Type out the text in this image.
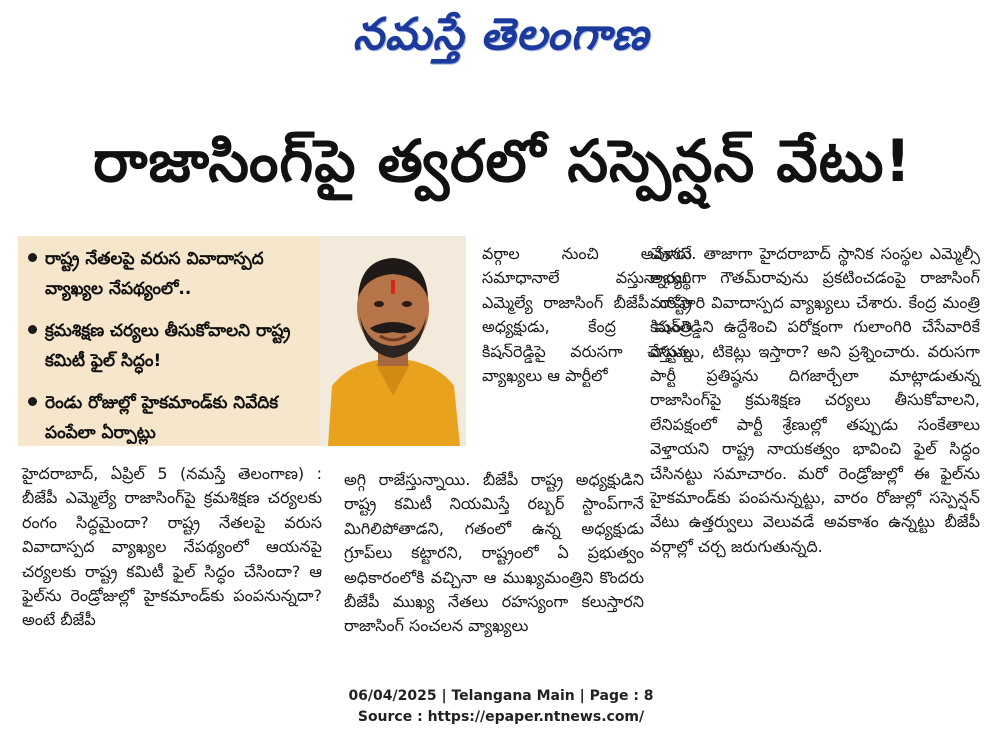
నమస్తే తెలంగాణ
రాజాసింగ్‌పై త్వరలో సస్పెన్షన్ వేటు!
రాష్ట్ర నేతలపై వరుస వివాదాస్పద వ్యాఖ్యల నేపథ్యంలో..
క్రమశిక్షణ చర్యలు తీసుకోవాలని రాష్ట్ర కమిటీ ఫైల్ సిద్ధం!
రెండు రోజుల్లో హైకమాండ్‌కు నివేదిక పంపేలా ఏర్పాట్లు

హైదరాబాద్, ఏప్రిల్ 5 (నమస్తే తెలంగాణ) : బీజేపీ ఎమ్మెల్యే రాజాసింగ్‌పై క్రమశిక్షణ చర్యలకు రంగం సిద్ధమైందా? రాష్ట్ర నేతలపై వరుస వివాదాస్పద వ్యాఖ్యల నేపథ్యంలో ఆయనపై చర్యలకు రాష్ట్ర కమిటీ ఫైల్ సిద్ధం చేసిందా? ఆ ఫైల్‌ను రెండ్రోజుల్లో హైకమాండ్‌కు పంపనున్నదా? అంటే బీజేపీ

వర్గాల నుంచి అవుననే సమాధానాలే వస్తున్నాయి. ఎమ్మెల్యే రాజాసింగ్ బీజేపీ రాష్ట్ర అధ్యక్షుడు, కేంద్ర మంత్రి కిషన్‌రెడ్డిపై వరుసగా చేస్తున్న వ్యాఖ్యలు ఆ పార్టీలో

అగ్గి రాజేస్తున్నాయి. బీజేపీ రాష్ట్ర అధ్యక్షుడిని రాష్ట్ర కమిటీ నియమిస్తే రబ్బర్ స్టాంప్‌గానే మిగిలిపోతాడని, గతంలో ఉన్న అధ్యక్షుడు గ్రూప్‌లు కట్టారని, రాష్ట్రంలో ఏ ప్రభుత్వం అధికారంలోకి వచ్చినా ఆ ముఖ్యమంత్రిని కొందరు బీజేపీ ముఖ్య నేతలు రహస్యంగా కలుస్తారని రాజాసింగ్ సంచలన వ్యాఖ్యలు

చేశారు. తాజాగా హైదరాబాద్ స్థానిక సంస్థల ఎమ్మెల్సీ అభ్యర్థిగా గౌతమ్‌రావును ప్రకటించడంపై రాజాసింగ్ మరోసారి వివాదాస్పద వ్యాఖ్యలు చేశారు. కేంద్ర మంత్రి కిషన్‌రెడ్డిని ఉద్దేశించి పరోక్షంగా గులాంగిరి చేసేవారికే పోస్టులు, టికెట్లు ఇస్తారా? అని ప్రశ్నించారు. వరుసగా పార్టీ ప్రతిష్ఠను దిగజార్చేలా మాట్లాడుతున్న రాజాసింగ్‌పై క్రమశిక్షణ చర్యలు తీసుకోవాలని, లేనిపక్షంలో పార్టీ శ్రేణుల్లో తప్పుడు సంకేతాలు వెళ్తాయని రాష్ట్ర నాయకత్వం భావించి ఫైల్ సిద్ధం చేసినట్టు సమాచారం. మరో రెండ్రోజుల్లో ఈ ఫైల్‌ను హైకమాండ్‌కు పంపనున్నట్టు, వారం రోజుల్లో సస్పెన్షన్ వేటు ఉత్తర్వులు వెలువడే అవకాశం ఉన్నట్టు బీజేపీ వర్గాల్లో చర్చ జరుగుతున్నది.

06/04/2025 | Telangana Main | Page : 8
Source : https://epaper.ntnews.com/
